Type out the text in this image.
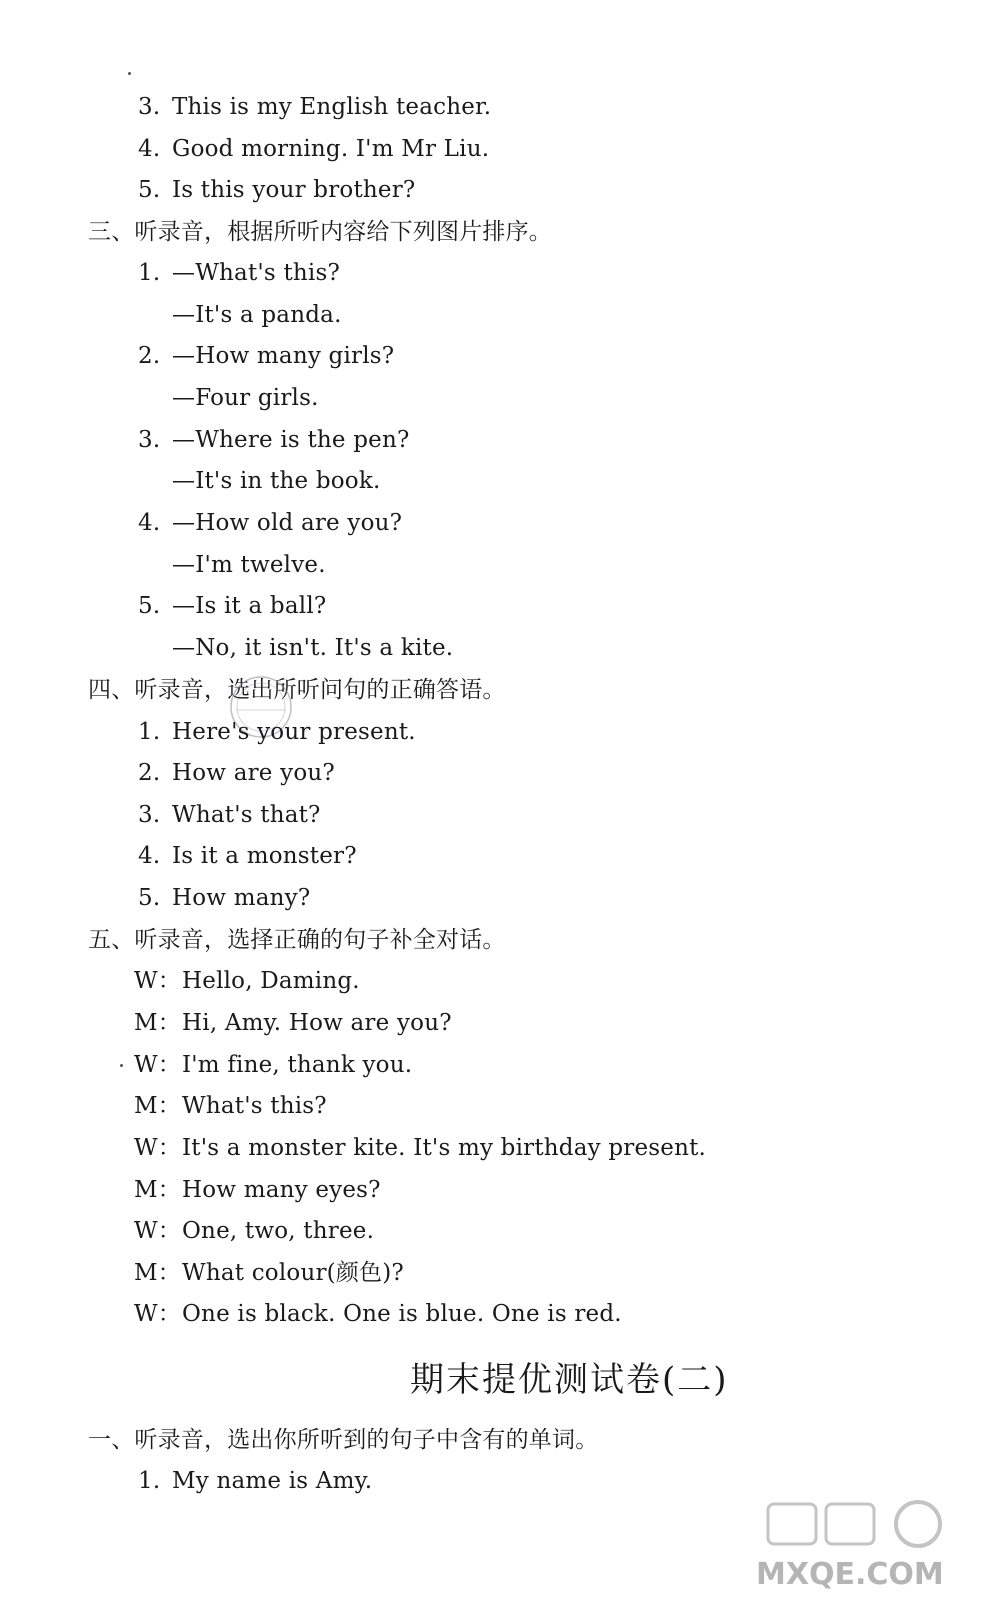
3. This is my English teacher.
4. Good morning. I'm Mr Liu.
5. Is this your brother?
三、听录音，根据所听内容给下列图片排序。
1. —What's this?
—It's a panda.
2. —How many girls?
—Four girls.
3. —Where is the pen?
—It's in the book.
4. —How old are you?
—I'm twelve.
5. —Is it a ball?
—No, it isn't. It's a kite.
四、听录音，选出所听问句的正确答语。
1. Here's your present.
2. How are you?
3. What's that?
4. Is it a monster?
5. How many?
五、听录音，选择正确的句子补全对话。
W：Hello, Daming.
M：Hi, Amy. How are you?
W：I'm fine, thank you.
M：What's this?
W：It's a monster kite. It's my birthday present.
M：How many eyes?
W：One, two, three.
M：What colour(颜色)?
W：One is black. One is blue. One is red.
期末提优测试卷(二)
一、听录音，选出你所听到的句子中含有的单词。
1. My name is Amy.
MXQE.COM
